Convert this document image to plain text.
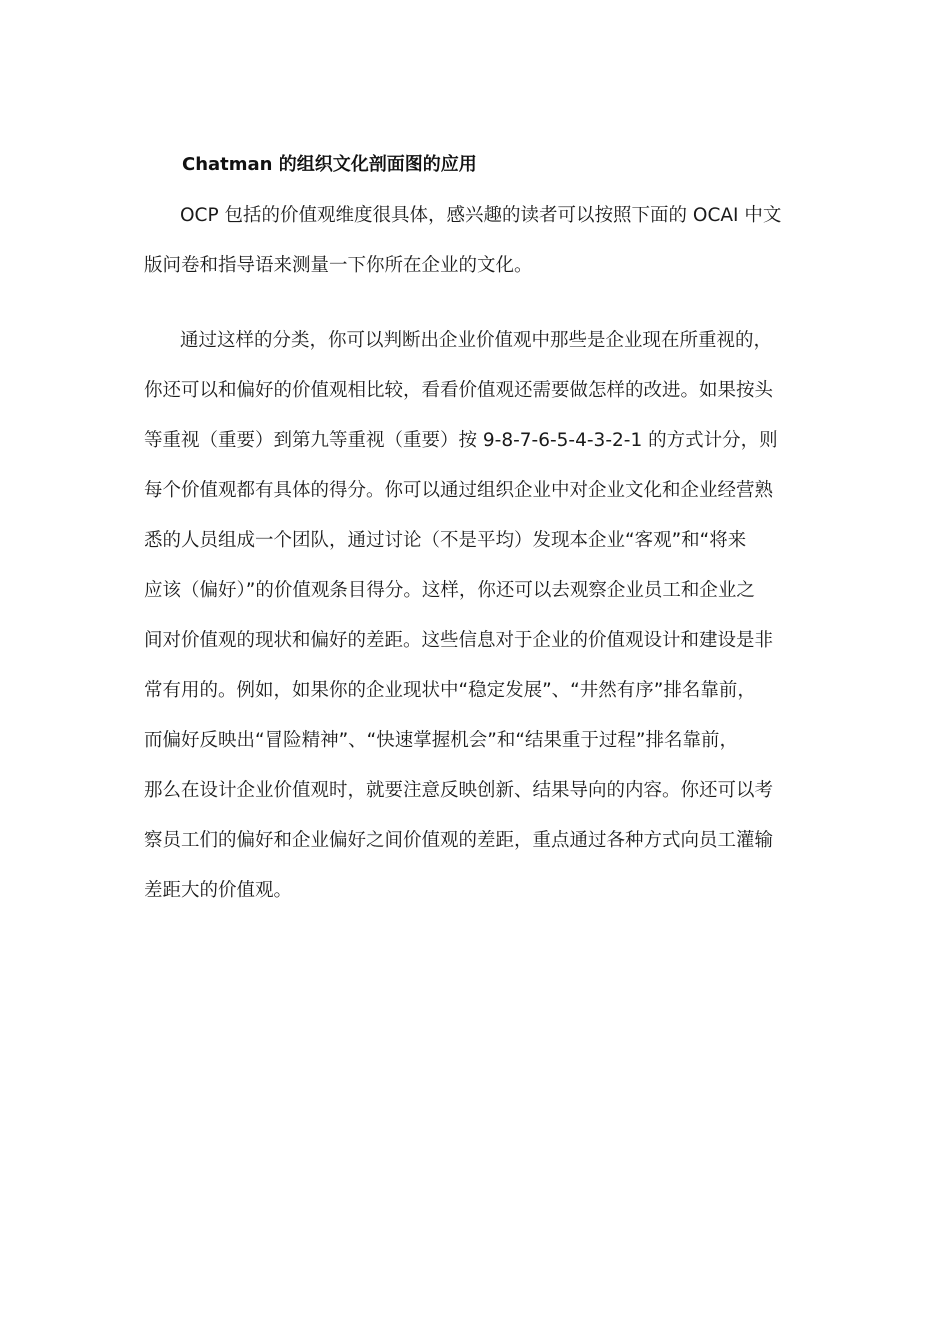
Chatman 的组织文化剖面图的应用
OCP 包括的价值观维度很具体，感兴趣的读者可以按照下面的 OCAI 中文
版问卷和指导语来测量一下你所在企业的文化。
通过这样的分类，你可以判断出企业价值观中那些是企业现在所重视的，
你还可以和偏好的价值观相比较，看看价值观还需要做怎样的改进。如果按头
等重视（重要）到第九等重视（重要）按 9-8-7-6-5-4-3-2-1 的方式计分，则
每个价值观都有具体的得分。你可以通过组织企业中对企业文化和企业经营熟
悉的人员组成一个团队，通过讨论（不是平均）发现本企业“客观”和“将来
应该（偏好）”的价值观条目得分。这样，你还可以去观察企业员工和企业之
间对价值观的现状和偏好的差距。这些信息对于企业的价值观设计和建设是非
常有用的。例如，如果你的企业现状中“稳定发展”、“井然有序”排名靠前，
而偏好反映出“冒险精神”、“快速掌握机会”和“结果重于过程”排名靠前，
那么在设计企业价值观时，就要注意反映创新、结果导向的内容。你还可以考
察员工们的偏好和企业偏好之间价值观的差距，重点通过各种方式向员工灌输
差距大的价值观。
